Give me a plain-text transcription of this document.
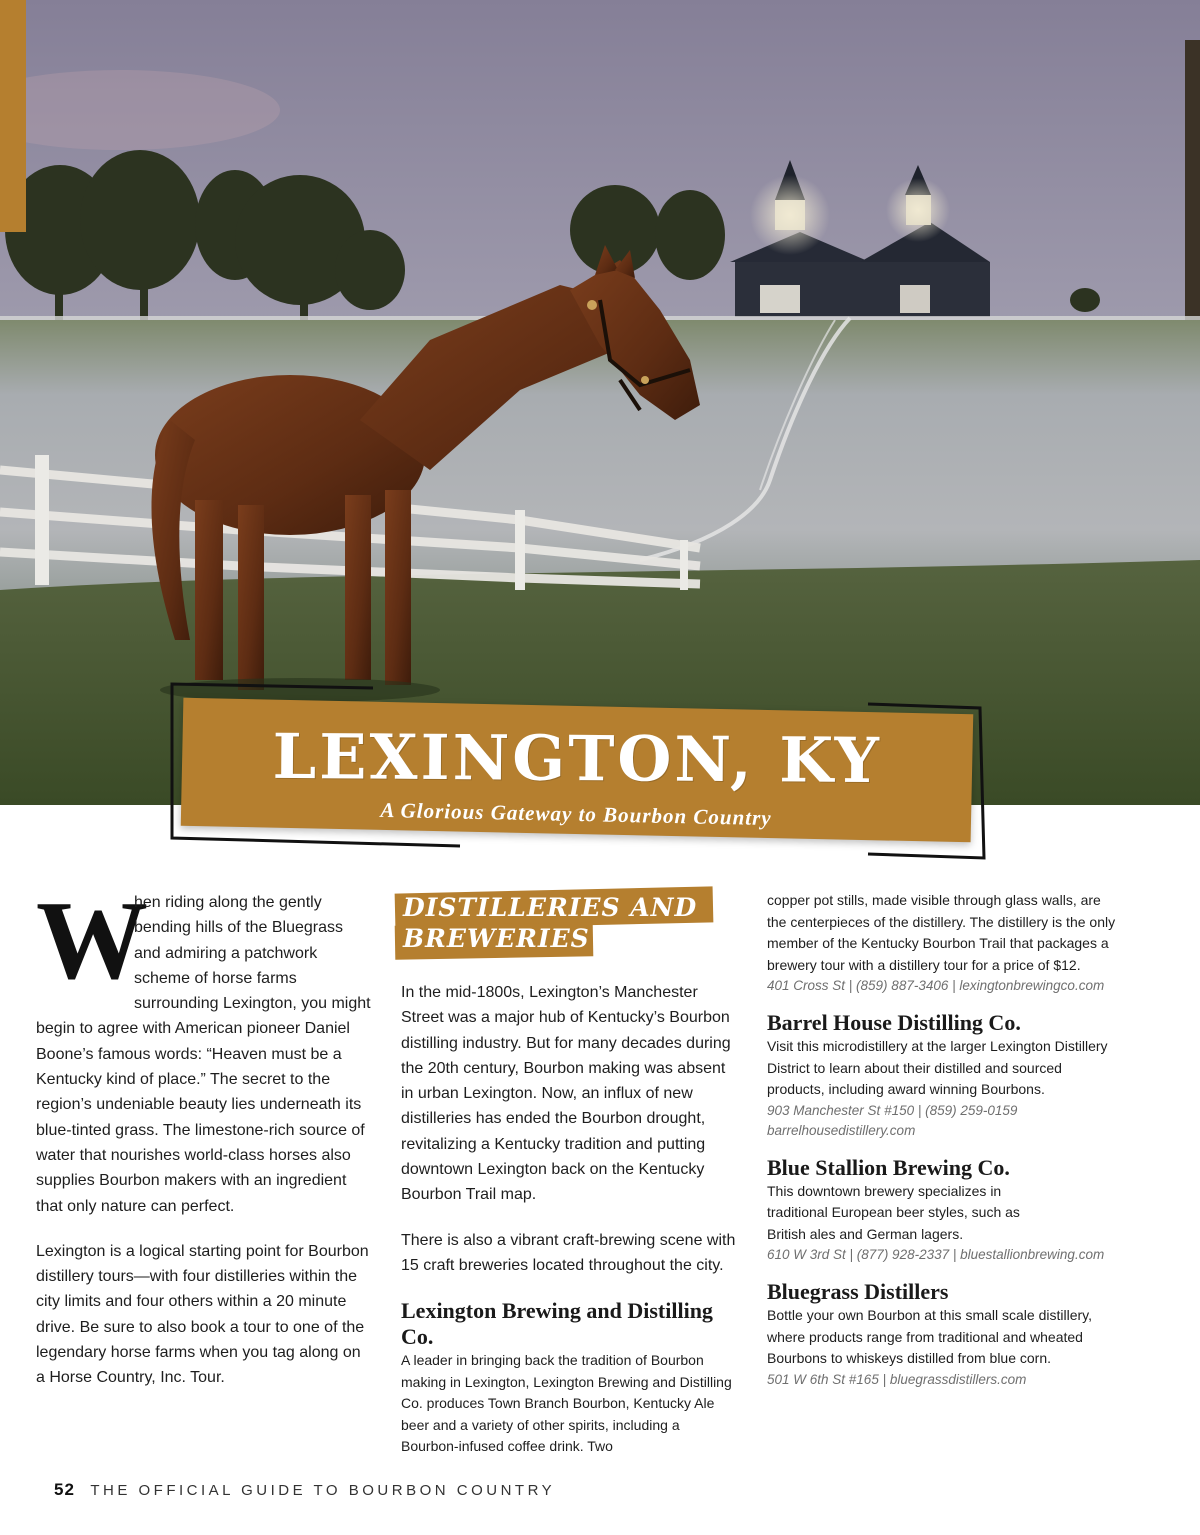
LEXINGTON, KY
A Glorious Gateway to Bourbon Country
W

hen riding along the gently bending hills of the Bluegrass and admiring a patchwork scheme of horse farms surrounding Lexington, you might begin to agree with American pioneer Daniel Boone’s famous words: “Heaven must be a Kentucky kind of place.” The secret to the region’s undeniable beauty lies underneath its blue-tinted grass. The limestone-rich source of water that nourishes world-class horses also supplies Bourbon makers with an ingredient that only nature can perfect.

Lexington is a logical starting point for Bourbon distillery tours—with four distilleries within the city limits and four others within a 20 minute drive. Be sure to also book a tour to one of the legendary horse farms when you tag along on a Horse Country, Inc. Tour.

DISTILLERIES AND BREWERIES

In the mid-1800s, Lexington’s Manchester Street was a major hub of Kentucky’s Bourbon distilling industry. But for many decades during the 20th century, Bourbon making was absent in urban Lexington. Now, an influx of new distilleries has ended the Bourbon drought, revitalizing a Kentucky tradition and putting downtown Lexington back on the Kentucky Bourbon Trail map.

There is also a vibrant craft-brewing scene with 15 craft breweries located throughout the city.

Lexington Brewing and Distilling Co.
A leader in bringing back the tradition of Bourbon making in Lexington, Lexington Brewing and Distilling Co. produces Town Branch Bourbon, Kentucky Ale beer and a variety of other spirits, including a Bourbon-infused coffee drink. Two
copper pot stills, made visible through glass walls, are the centerpieces of the distillery. The distillery is the only member of the Kentucky Bourbon Trail that packages a brewery tour with a distillery tour for a price of $12.
401 Cross St | (859) 887-3406 | lexingtonbrewingco.com
Barrel House Distilling Co.
Visit this microdistillery at the larger Lexington Distillery District to learn about their distilled and sourced products, including award winning Bourbons.
903 Manchester St #150 | (859) 259-0159
barrelhousedistillery.com
Blue Stallion Brewing Co.
This downtown brewery specializes in traditional European beer styles, such as British ales and German lagers.
610 W 3rd St | (877) 928-2337 | bluestallionbrewing.com
Bluegrass Distillers
Bottle your own Bourbon at this small scale distillery, where products range from traditional and wheated Bourbons to whiskeys distilled from blue corn.
501 W 6th St #165 | bluegrassdistillers.com
52 THE OFFICIAL GUIDE TO BOURBON COUNTRY
